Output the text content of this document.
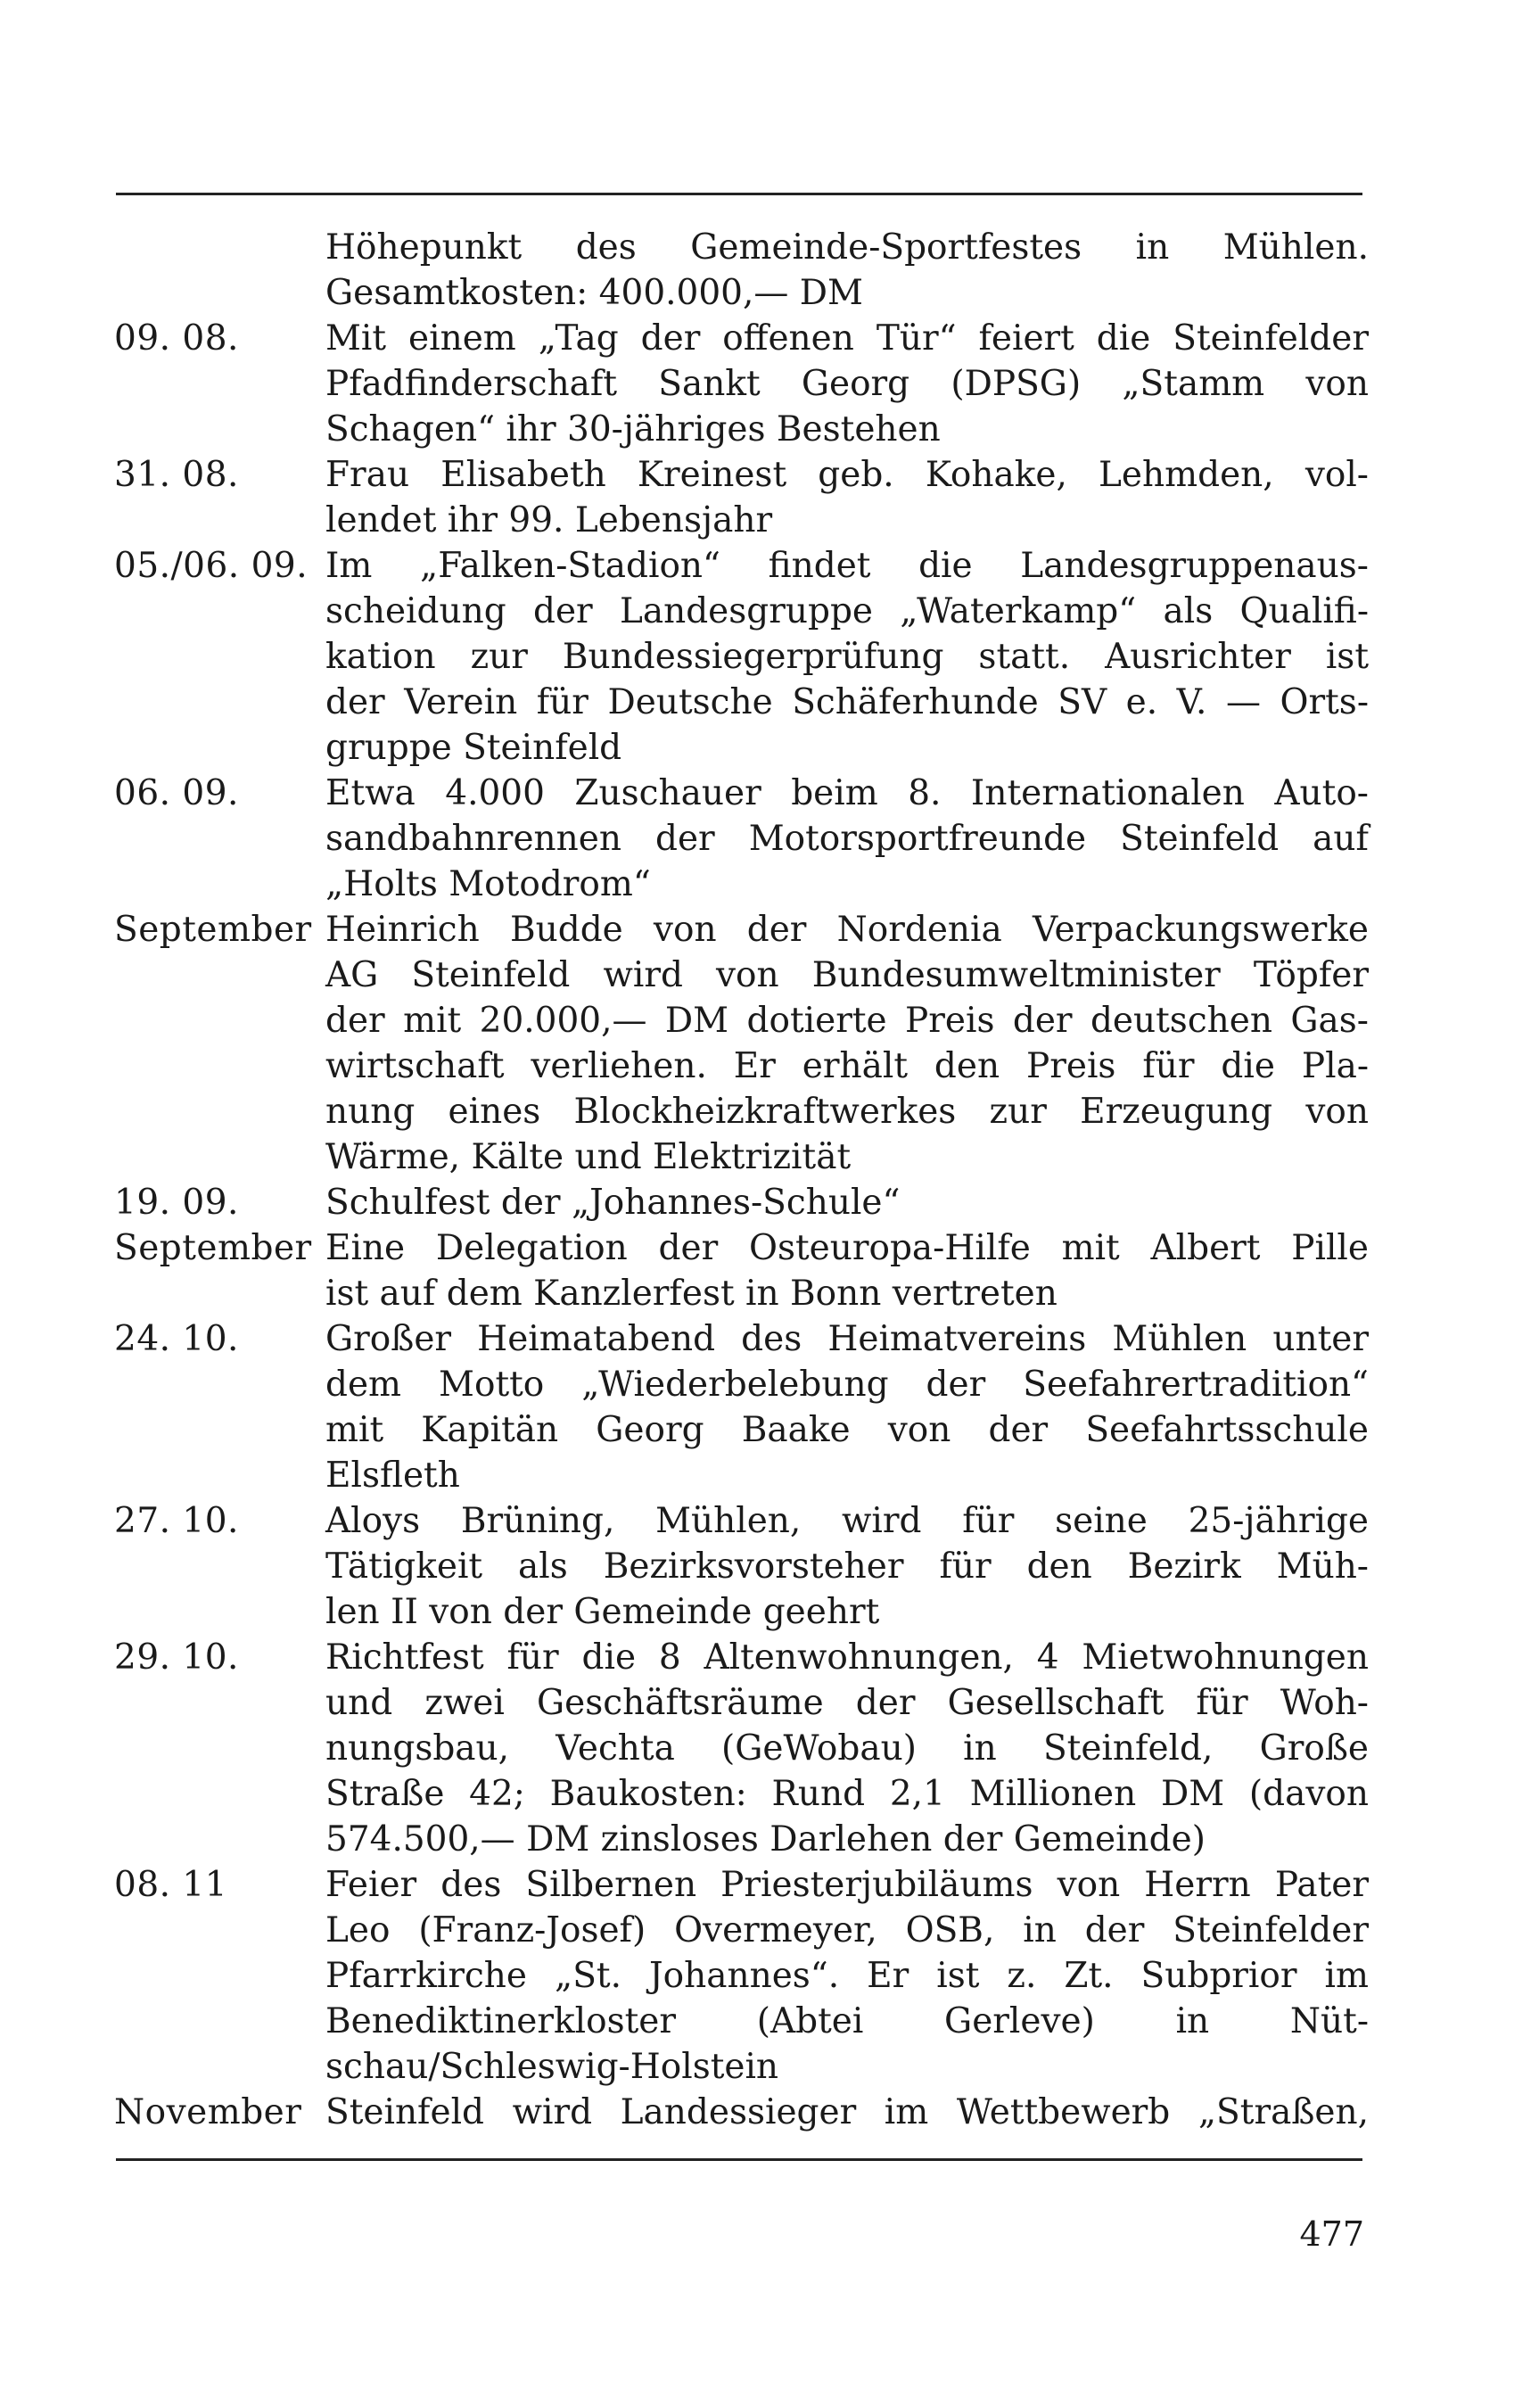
Höhepunkt des Gemeinde-Sportfestes in Mühlen.
Gesamtkosten: 400.000,— DM
09. 08. Mit einem „Tag der offenen Tür“ feiert die Steinfelder
Pfadfinderschaft Sankt Georg (DPSG) „Stamm von
Schagen“ ihr 30-jähriges Bestehen
31. 08. Frau Elisabeth Kreinest geb. Kohake, Lehmden, vol-
lendet ihr 99. Lebensjahr
05./06. 09. Im „Falken-Stadion“ findet die Landesgruppenaus-
scheidung der Landesgruppe „Waterkamp“ als Qualifi-
kation zur Bundessiegerprüfung statt. Ausrichter ist
der Verein für Deutsche Schäferhunde SV e. V. — Orts-
gruppe Steinfeld
06. 09. Etwa 4.000 Zuschauer beim 8. Internationalen Auto-
sandbahnrennen der Motorsportfreunde Steinfeld auf
„Holts Motodrom“
September Heinrich Budde von der Nordenia Verpackungswerke
AG Steinfeld wird von Bundesumweltminister Töpfer
der mit 20.000,— DM dotierte Preis der deutschen Gas-
wirtschaft verliehen. Er erhält den Preis für die Pla-
nung eines Blockheizkraftwerkes zur Erzeugung von
Wärme, Kälte und Elektrizität
19. 09. Schulfest der „Johannes-Schule“
September Eine Delegation der Osteuropa-Hilfe mit Albert Pille
ist auf dem Kanzlerfest in Bonn vertreten
24. 10. Großer Heimatabend des Heimatvereins Mühlen unter
dem Motto „Wiederbelebung der Seefahrertradition“
mit Kapitän Georg Baake von der Seefahrtsschule
Elsfleth
27. 10. Aloys Brüning, Mühlen, wird für seine 25-jährige
Tätigkeit als Bezirksvorsteher für den Bezirk Müh-
len II von der Gemeinde geehrt
29. 10. Richtfest für die 8 Altenwohnungen, 4 Mietwohnungen
und zwei Geschäftsräume der Gesellschaft für Woh-
nungsbau, Vechta (GeWobau) in Steinfeld, Große
Straße 42; Baukosten: Rund 2,1 Millionen DM (davon
574.500,— DM zinsloses Darlehen der Gemeinde)
08. 11	Feier des Silbernen Priesterjubiläums von Herrn Pater
Leo (Franz-Josef) Overmeyer, OSB, in der Steinfelder
Pfarrkirche „St. Johannes“. Er ist z. Zt. Subprior im
Benediktinerkloster (Abtei Gerleve) in Nüt-
schau/Schleswig-Holstein
November Steinfeld wird Landessieger im Wettbewerb „Straßen,
477
